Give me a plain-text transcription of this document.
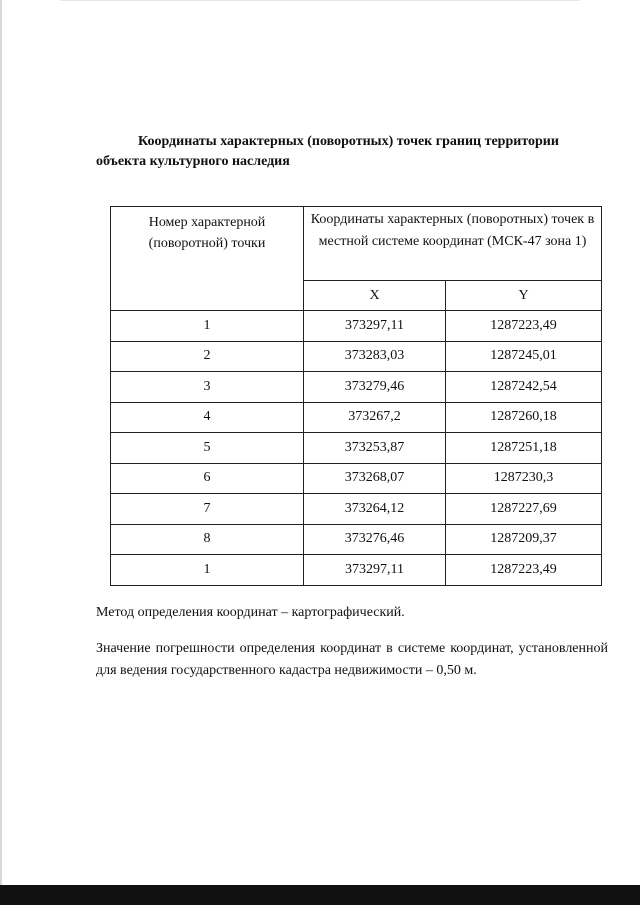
Координаты характерных (поворотных) точек границ территории
объекта культурного наследия
Номер характерной (поворотной) точки	Координаты характерных (поворотных) точек в местной системе координат (МСК-47 зона 1)	
	X	Y
1	373297,11	1287223,49
2	373283,03	1287245,01
3	373279,46	1287242,54
4	373267,2	1287260,18
5	373253,87	1287251,18
6	373268,07	1287230,3
7	373264,12	1287227,69
8	373276,46	1287209,37
1	373297,11	1287223,49

Метод определения координат – картографический.

Значение погрешности определения координат в системе координат, установленной для ведения государственного кадастра недвижимости – 0,50 м.
